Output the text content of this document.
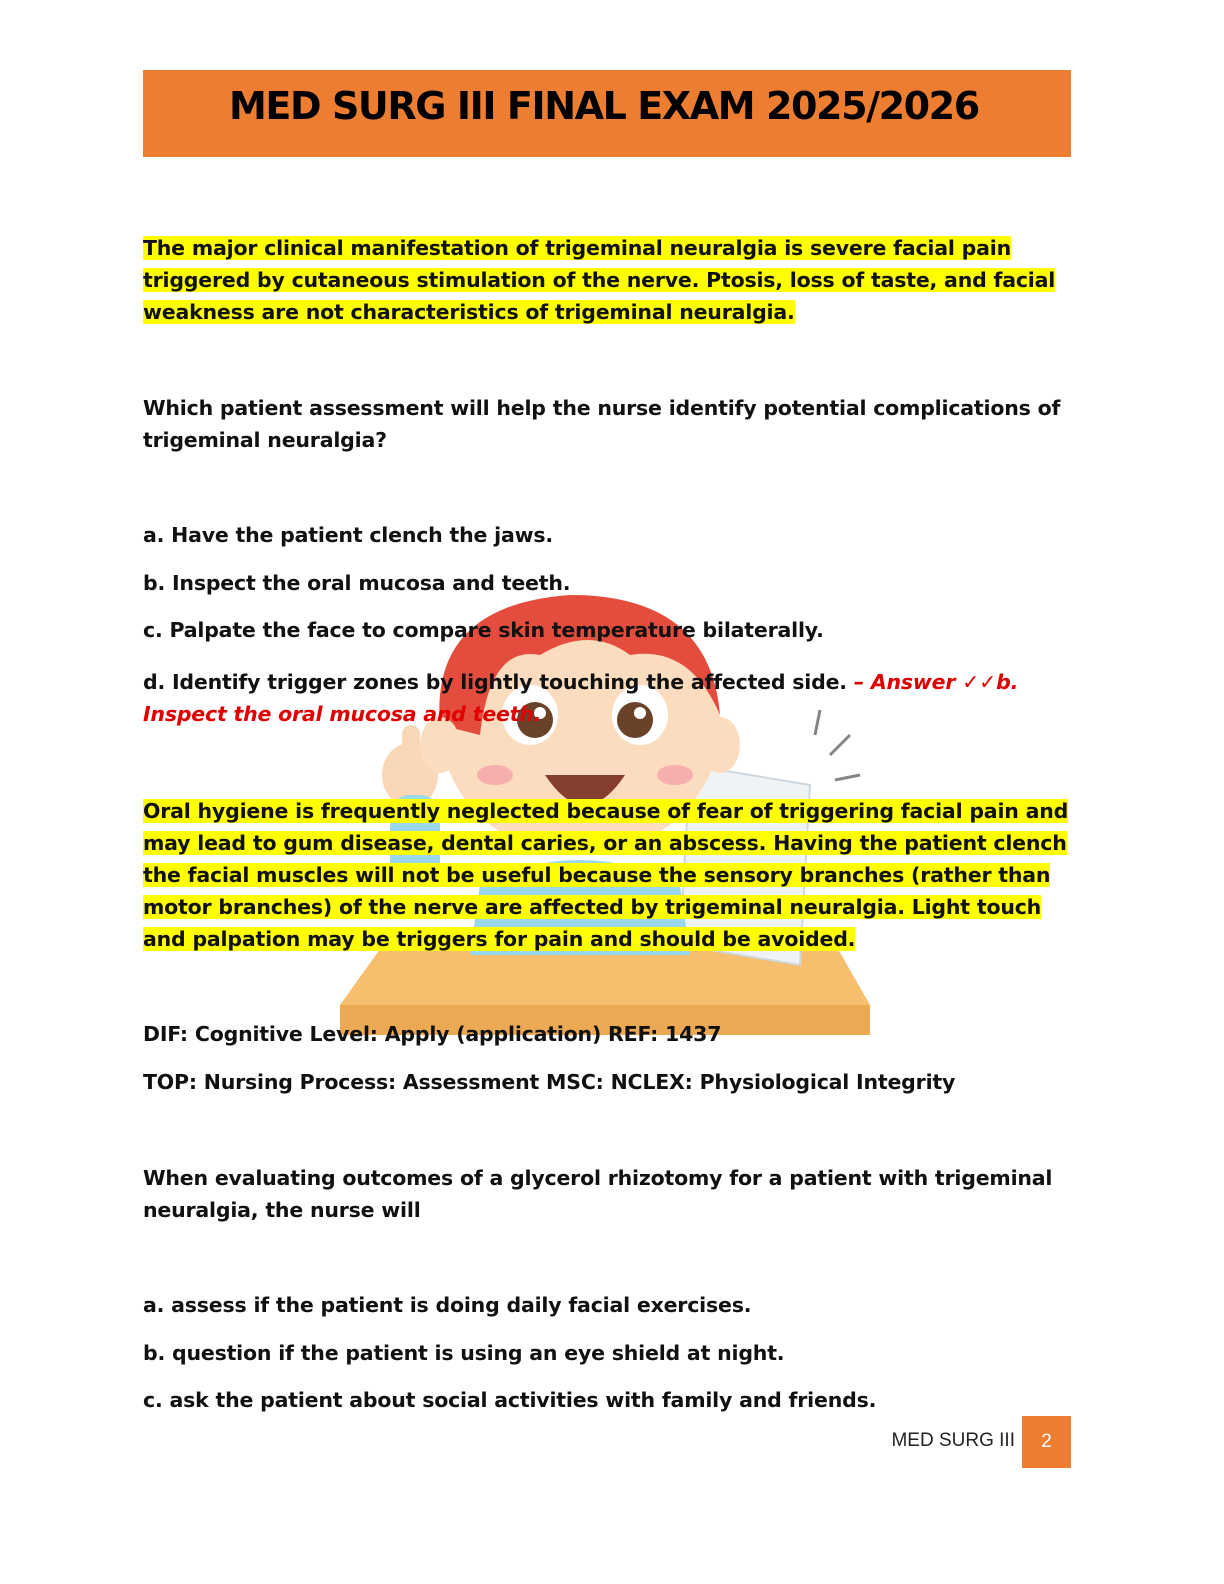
MED SURG III FINAL EXAM 2025/2026
The major clinical manifestation of trigeminal neuralgia is severe facial pain triggered by cutaneous stimulation of the nerve. Ptosis, loss of taste, and facial weakness are not characteristics of trigeminal neuralgia.
Which patient assessment will help the nurse identify potential complications of trigeminal neuralgia?
a. Have the patient clench the jaws.
b. Inspect the oral mucosa and teeth.
c. Palpate the face to compare skin temperature bilaterally.
d. Identify trigger zones by lightly touching the affected side. – Answer ✓✓b. Inspect the oral mucosa and teeth.
Oral hygiene is frequently neglected because of fear of triggering facial pain and may lead to gum disease, dental caries, or an abscess. Having the patient clench the facial muscles will not be useful because the sensory branches (rather than motor branches) of the nerve are affected by trigeminal neuralgia. Light touch and palpation may be triggers for pain and should be avoided.
DIF: Cognitive Level: Apply (application) REF: 1437
TOP: Nursing Process: Assessment MSC: NCLEX: Physiological Integrity
When evaluating outcomes of a glycerol rhizotomy for a patient with trigeminal neuralgia, the nurse will
a. assess if the patient is doing daily facial exercises.
b. question if the patient is using an eye shield at night.
c. ask the patient about social activities with family and friends.
MED SURG III	2
